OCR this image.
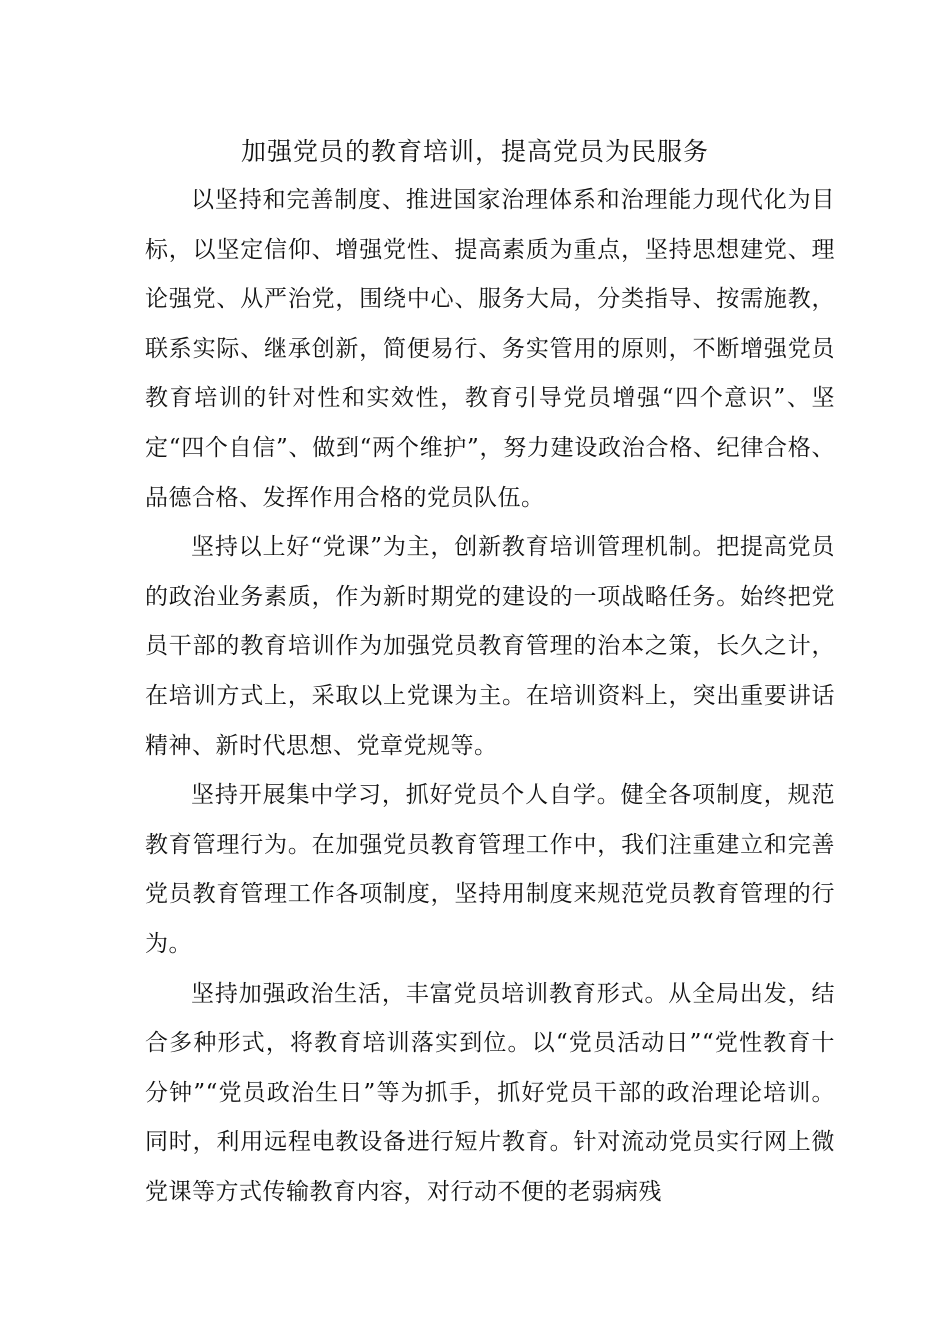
加强党员的教育培训，提高党员为民服务

以坚持和完善制度、推进国家治理体系和治理能力现代化为目标，以坚定信仰、增强党性、提高素质为重点，坚持思想建党、理论强党、从严治党，围绕中心、服务大局，分类指导、按需施教，联系实际、继承创新，简便易行、务实管用的原则，不断增强党员教育培训的针对性和实效性，教育引导党员增强“四个意识”、坚定“四个自信”、做到“两个维护”，努力建设政治合格、纪律合格、品德合格、发挥作用合格的党员队伍。

坚持以上好“党课”为主，创新教育培训管理机制。把提高党员的政治业务素质，作为新时期党的建设的一项战略任务。始终把党员干部的教育培训作为加强党员教育管理的治本之策，长久之计，在培训方式上，采取以上党课为主。在培训资料上，突出重要讲话精神、新时代思想、党章党规等。

坚持开展集中学习，抓好党员个人自学。健全各项制度，规范教育管理行为。在加强党员教育管理工作中，我们注重建立和完善党员教育管理工作各项制度，坚持用制度来规范党员教育管理的行为。

坚持加强政治生活，丰富党员培训教育形式。从全局出发，结合多种形式，将教育培训落实到位。以“党员活动日”“党性教育十分钟”“党员政治生日”等为抓手，抓好党员干部的政治理论培训。同时，利用远程电教设备进行短片教育。针对流动党员实行网上微党课等方式传输教育内容，对行动不便的老弱病残
